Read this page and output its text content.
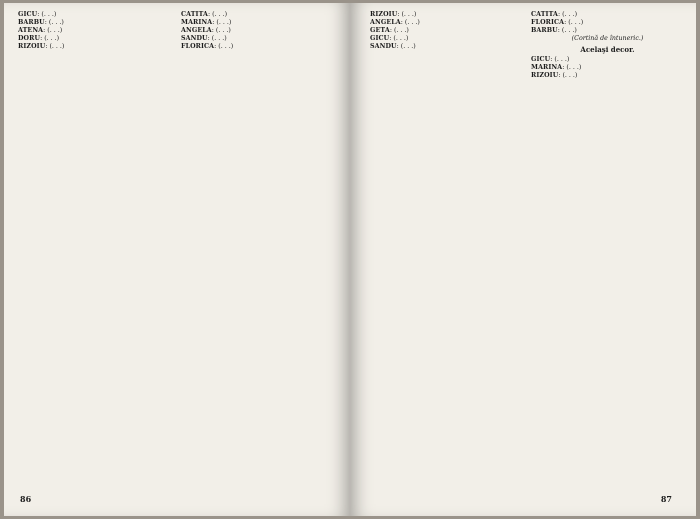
GICU: (. . .)

BARBU: (. . .)

ATENA: (. . .)

DORU: (. . .)

RIZOIU: (. . .)

CATITA: (. . .)

MARINA: (. . .)

ANGELA: (. . .)

SANDU: (. . .)

FLORICA: (. . .)

86

RIZOIU: (. . .)

ANGELA: (. . .)

GETA: (. . .)

GICU: (. . .)

SANDU: (. . .)

CATITA: (. . .)

FLORICA: (. . .)

BARBU: (. . .)

(Cortină de întuneric.)

Acelaşi decor.

GICU: (. . .)

MARINA: (. . .)

RIZOIU: (. . .)

87
